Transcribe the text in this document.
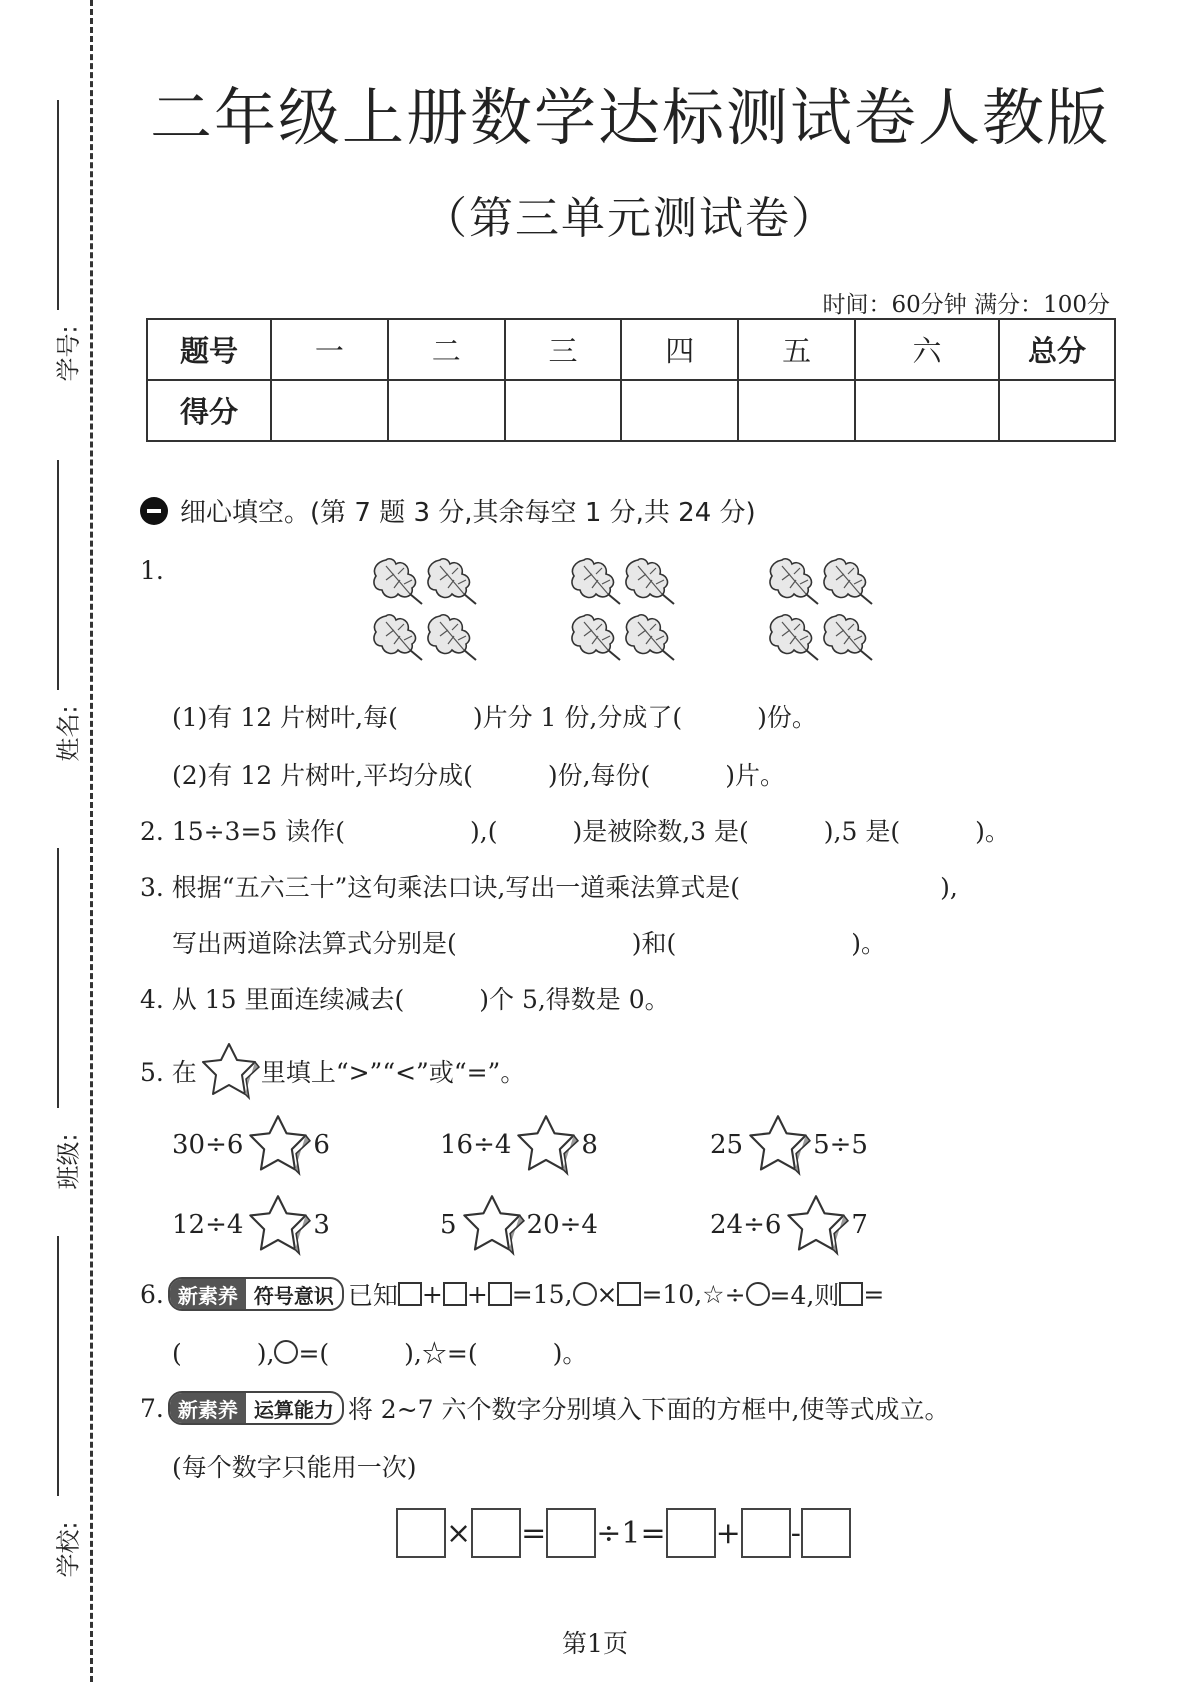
学号:
姓名:
班级:
学校:
二年级上册数学达标测试卷人教版
（第三单元测试卷）
时间：60分钟 满分：100分
题号	一	二	三	四	五	六	总分
得分							
细心填空。(第 7 题 3 分,其余每空 1 分,共 24 分)
1.
(1)有 12 片树叶,每(　　　)片分 1 份,分成了(　　　)份。
(2)有 12 片树叶,平均分成(　　　)份,每份(　　　)片。
2. 15÷3=5 读作(　　　　　),(　　　)是被除数,3 是(　　　),5 是(　　　)。
3. 根据“五六三十”这句乘法口诀,写出一道乘法算式是(　　　　　　　　),
写出两道除法算式分别是(　　　　　　　)和(　　　　　　　)。
4. 从 15 里面连续减去(　　　)个 5,得数是 0。
5. 在	里填上“>”“<”或“=”。
30÷6	6	16÷4	8	25	5÷5
12÷4	3	5	20÷4	24÷6	7
6. 新素养 符号意识 已知 + + =15, × =10,☆÷ =4,则 =
(　　　), =(　　　),☆=(　　　)。
7. 新素养 运算能力 将 2~7 六个数字分别填入下面的方框中,使等式成立。
(每个数字只能用一次)
× = ÷1= + -
第1页
